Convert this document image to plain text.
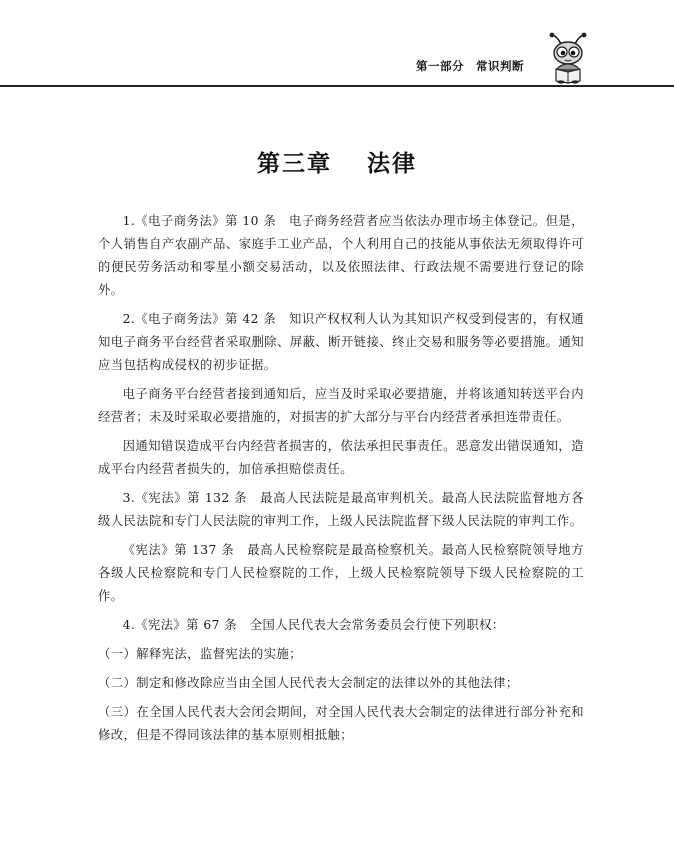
第一部分　常识判断
第三章　 法律

1.《电子商务法》第 10 条　电子商务经营者应当依法办理市场主体登记。但是，个人销售自产农副产品、家庭手工业产品，个人利用自己的技能从事依法无须取得许可的便民劳务活动和零星小额交易活动，以及依照法律、行政法规不需要进行登记的除外。

2.《电子商务法》第 42 条　知识产权权利人认为其知识产权受到侵害的，有权通知电子商务平台经营者采取删除、屏蔽、断开链接、终止交易和服务等必要措施。通知应当包括构成侵权的初步证据。

电子商务平台经营者接到通知后，应当及时采取必要措施，并将该通知转送平台内经营者；未及时采取必要措施的，对损害的扩大部分与平台内经营者承担连带责任。

因通知错误造成平台内经营者损害的，依法承担民事责任。恶意发出错误通知，造成平台内经营者损失的，加倍承担赔偿责任。

3.《宪法》第 132 条　最高人民法院是最高审判机关。最高人民法院监督地方各级人民法院和专门人民法院的审判工作，上级人民法院监督下级人民法院的审判工作。

《宪法》第 137 条　最高人民检察院是最高检察机关。最高人民检察院领导地方各级人民检察院和专门人民检察院的工作，上级人民检察院领导下级人民检察院的工作。

4.《宪法》第 67 条　全国人民代表大会常务委员会行使下列职权：

（一）解释宪法，监督宪法的实施；

（二）制定和修改除应当由全国人民代表大会制定的法律以外的其他法律；

（三）在全国人民代表大会闭会期间，对全国人民代表大会制定的法律进行部分补充和修改，但是不得同该法律的基本原则相抵触；
